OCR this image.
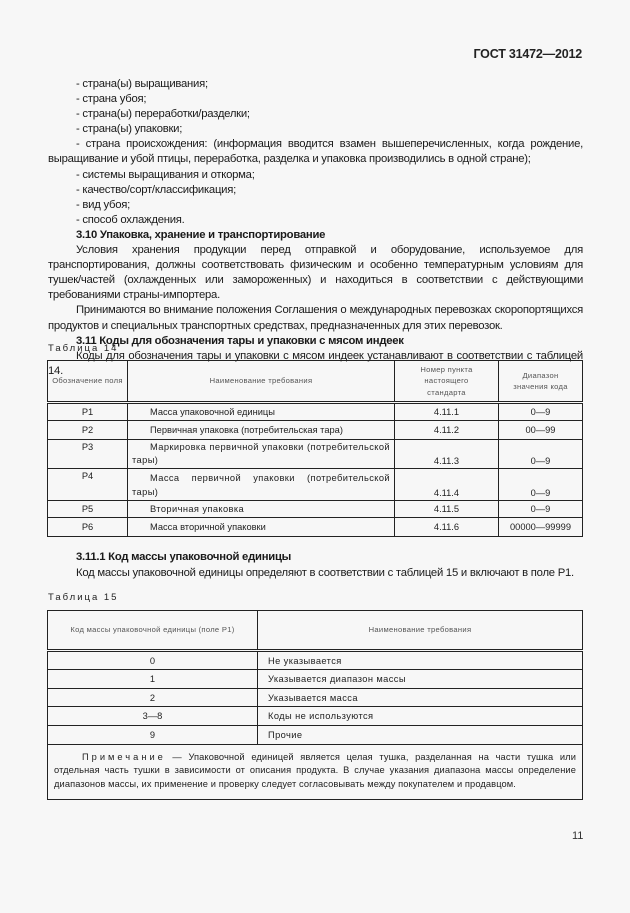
ГОСТ 31472—2012

- страна(ы) выращивания;

- страна убоя;

- страна(ы) переработки/разделки;

- страна(ы) упаковки;

- страна происхождения: (информация вводится взамен вышеперечисленных, когда рождение, выращивание и убой птицы, переработка, разделка и упаковка производились в одной стране);

- системы выращивания и откорма;

- качество/сорт/классификация;

- вид убоя;

- способ охлаждения.

3.10 Упаковка, хранение и транспортирование

Условия хранения продукции перед отправкой и оборудование, используемое для транспортирования, должны соответствовать физическим и особенно температурным условиям для тушек/частей (охлажденных или замороженных) и находиться в соответствии с действующими требованиями страны-импортера.

Принимаются во внимание положения Соглашения о международных перевозках скоропортящихся продуктов и специальных транспортных средствах, предназначенных для этих перевозок.

3.11 Коды для обозначения тары и упаковки с мясом индеек

Коды для обозначения тары и упаковки с мясом индеек устанавливают в соответствии с таблицей 14.

Таблица 14
Обозначение поля	Наименование требования	Номер пункта настоящего стандарта	Диапазон значения кода
P1	Масса упаковочной единицы	4.11.1	0—9
P2	Первичная упаковка (потребительская тара)	4.11.2	00—99
P3	Маркировка первичной упаковки (потребительской тары)	4.11.3	0—9
P4	Масса первичной упаковки (потребительской тары)	4.11.4	0—9
P5	Вторичная упаковка	4.11.5	0—9
P6	Масса вторичной упаковки	4.11.6	00000—99999
3.11.1 Код массы упаковочной единицы
Код массы упаковочной единицы определяют в соответствии с таблицей 15 и включают в поле P1.
Таблица 15
Код массы упаковочной единицы (поле P1)	Наименование требования
0	Не указывается
1	Указывается диапазон массы
2	Указывается масса
3—8	Коды не используются
9	Прочие
Примечание — Упаковочной единицей является целая тушка, разделанная на части тушка или отдельная часть тушки в зависимости от описания продукта. В случае указания диапазона массы определение диапазонов массы, их применение и проверку следует согласовывать между покупателем и продавцом.	
11
